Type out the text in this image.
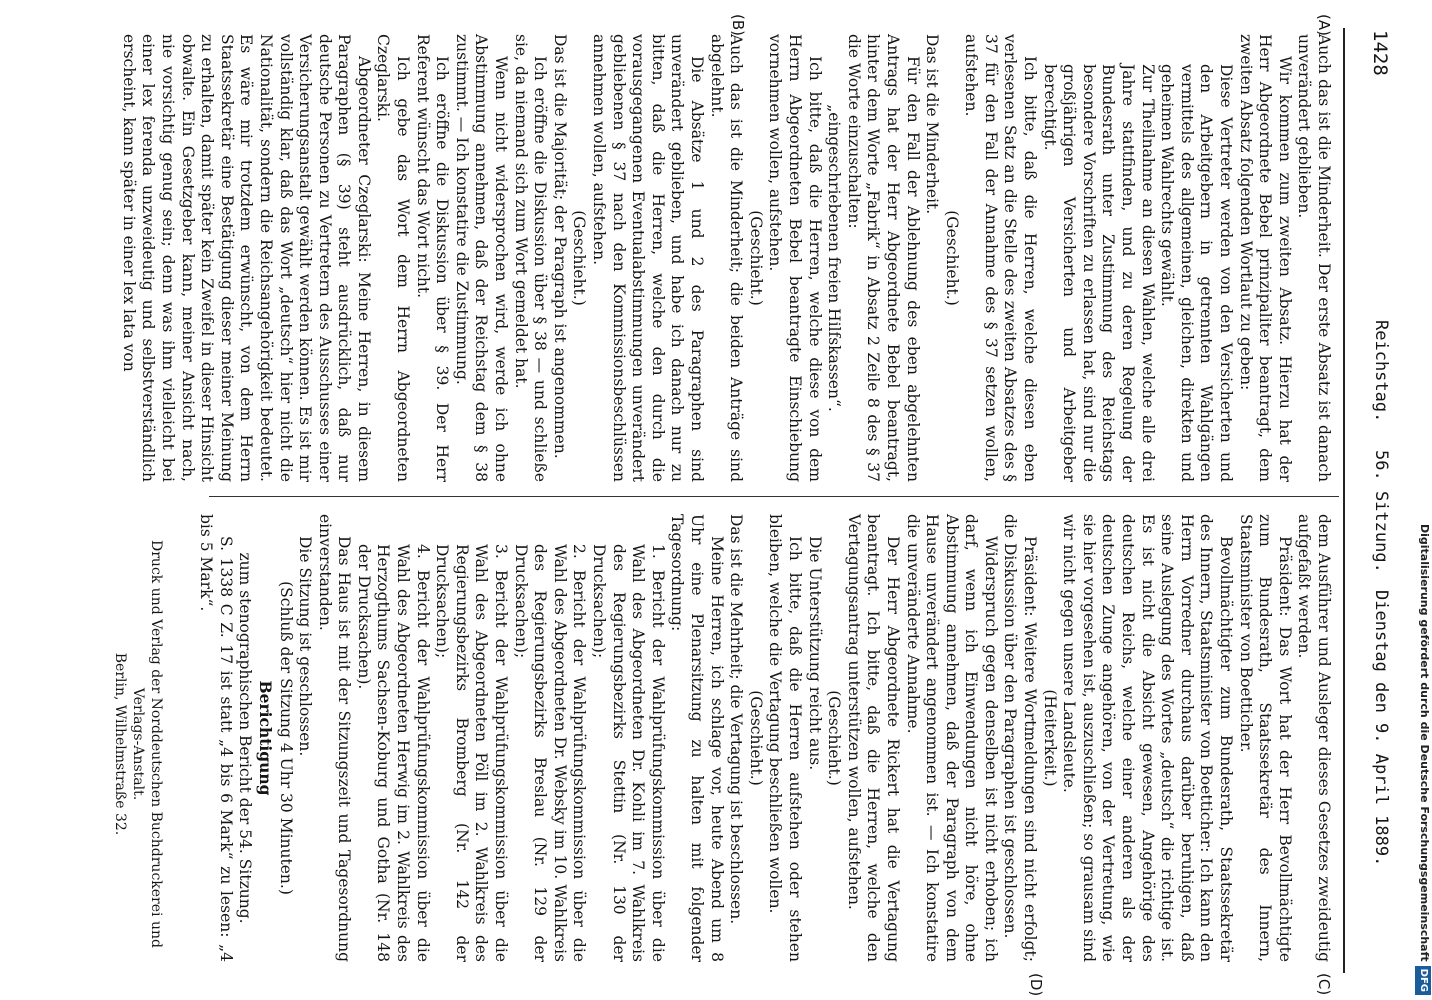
1428
Reichstag.
56. Sitzung.
Dienstag den 9. April 1889.
(A)
(B)
(C)
(D)

Auch das ist die Minderheit. Der erste Absatz ist danach unverändert geblieben.

Wir kommen zum zweiten Absatz. Hierzu hat der Herr Abgeordnete Bebel prinzipaliter beantragt, dem zweiten Absatz folgenden Wortlaut zu geben:

Diese Vertreter werden von den Versicherten und den Arbeitgebern in getrennten Wahlgängen vermittels des allgemeinen, gleichen, direkten und geheimen Wahlrechts gewählt.

Zur Theilnahme an diesen Wahlen, welche alle drei Jahre stattfinden, und zu deren Regelung der Bundesrath unter Zustimmung des Reichstags besondere Vorschriften zu erlassen hat, sind nur die großjährigen Versicherten und Arbeitgeber berechtigt.

Ich bitte, daß die Herren, welche diesen eben verlesenen Satz an die Stelle des zweiten Absatzes des § 37 für den Fall der Annahme des § 37 setzen wollen, aufstehen.

(Geschieht.)

Das ist die Minderheit.

Für den Fall der Ablehnung des eben abgelehnten Antrags hat der Herr Abgeordnete Bebel beantragt, hinter dem Worte „Fabrik“ in Absatz 2 Zeile 8 des § 37 die Worte einzuschalten:

„eingeschriebenen freien Hilfskassen“.

Ich bitte, daß die Herren, welche diese von dem Herrn Abgeordneten Bebel beantragte Einschiebung vornehmen wollen, aufstehen.

(Geschieht.)

Auch das ist die Minderheit; die beiden Anträge sind abgelehnt.

Die Absätze 1 und 2 des Paragraphen sind unverändert geblieben, und habe ich danach nur zu bitten, daß die Herren, welche den durch die vorausgegangenen Eventualabstimmungen unverändert gebliebenen § 37 nach den Kommissionsbeschlüssen annehmen wollen, aufstehen.

(Geschieht.)

Das ist die Majorität; der Paragraph ist angenommen.

Ich eröffne die Diskussion über § 38 — und schließe sie, da niemand sich zum Wort gemeldet hat.

Wenn nicht widersprochen wird, werde ich ohne Abstimmung annehmen, daß der Reichstag dem § 38 zustimmt. — Ich konstatire die Zustimmung.

Ich eröffne die Diskussion über § 39. Der Herr Referent wünscht das Wort nicht.

Ich gebe das Wort dem Herrn Abgeordneten Czeglarski.

Abgeordneter Czeglarski: Meine Herren, in diesem Paragraphen (§ 39) steht ausdrücklich, daß nur deutsche Personen zu Vertretern des Ausschusses einer Versicherungsanstalt gewählt werden können. Es ist mir vollständig klar, daß das Wort „deutsch“ hier nicht die Nationalität, sondern die Reichsangehörigkeit bedeutet. Es wäre mir trotzdem erwünscht, von dem Herrn Staatssekretär eine Bestätigung dieser meiner Meinung zu erhalten, damit später kein Zweifel in dieser Hinsicht obwalte. Ein Gesetzgeber kann, meiner Ansicht nach, nie vorsichtig genug sein; denn was ihm vielleicht bei einer lex ferenda unzweideutig und selbstverständlich erscheint, kann später in einer lex lata von

dem Ausführer und Ausleger dieses Gesetzes zweideutig aufgefaßt werden.

Präsident: Das Wort hat der Herr Bevollmächtigte zum Bundesrath, Staatssekretär des Innern, Staatsminister von Boetticher.

Bevollmächtigter zum Bundesrath, Staatssekretär des Innern, Staatsminister von Boetticher: Ich kann den Herrn Vorredner durchaus darüber beruhigen, daß seine Auslegung des Wortes „deutsch“ die richtige ist. Es ist nicht die Absicht gewesen, Angehörige des deutschen Reichs, welche einer anderen als der deutschen Zunge angehören, von der Vertretung, wie sie hier vorgesehen ist, auszuschließen; so grausam sind wir nicht gegen unsere Landsleute.

(Heiterkeit.)

Präsident: Weitere Wortmeldungen sind nicht erfolgt; die Diskussion über den Paragraphen ist geschlossen.

Widerspruch gegen denselben ist nicht erhoben; ich darf, wenn ich Einwendungen nicht höre, ohne Abstimmung annehmen, daß der Paragraph von dem Hause unverändert angenommen ist. — Ich konstatire die unveränderte Annahme.

Der Herr Abgeordnete Rickert hat die Vertagung beantragt. Ich bitte, daß die Herren, welche den Vertagungsantrag unterstützen wollen, aufstehen.

(Geschieht.)

Die Unterstützung reicht aus.

Ich bitte, daß die Herren aufstehen oder stehen bleiben, welche die Vertagung beschließen wollen.

(Geschieht.)

Das ist die Mehrheit; die Vertagung ist beschlossen.

Meine Herren, ich schlage vor, heute Abend um 8 Uhr eine Plenarsitzung zu halten mit folgender Tagesordnung:

1. Bericht der Wahlprüfungskommission über die Wahl des Abgeordneten Dr. Kohli im 7. Wahlkreis des Regierungsbezirks Stettin (Nr. 130 der Drucksachen);

2. Bericht der Wahlprüfungskommission über die Wahl des Abgeordneten Dr. Websky im 10. Wahlkreis des Regierungsbezirks Breslau (Nr. 129 der Drucksachen);

3. Bericht der Wahlprüfungskommission über die Wahl des Abgeordneten Pöll im 2. Wahlkreis des Regierungsbezirks Bromberg (Nr. 142 der Drucksachen);

4. Bericht der Wahlprüfungskommission über die Wahl des Abgeordneten Herwig im 2. Wahlkreis des Herzogthums Sachsen-Koburg und Gotha (Nr. 148 der Drucksachen).

Das Haus ist mit der Sitzungszeit und Tagesordnung einverstanden.

Die Sitzung ist geschlossen.

(Schluß der Sitzung 4 Uhr 30 Minuten.)

Berichtigung

zum stenographischen Bericht der 54. Sitzung.

S. 1338 C Z. 17 ist statt „4 bis 6 Mark“ zu lesen: „4 bis 5 Mark“.

Druck und Verlag der Norddeutschen Buchdruckerei und Verlags-Anstalt.
Berlin, Wilhelmstraße 32.	Digitalisierung gefördert durch die Deutsche ForschungsgemeinschaftDFG
